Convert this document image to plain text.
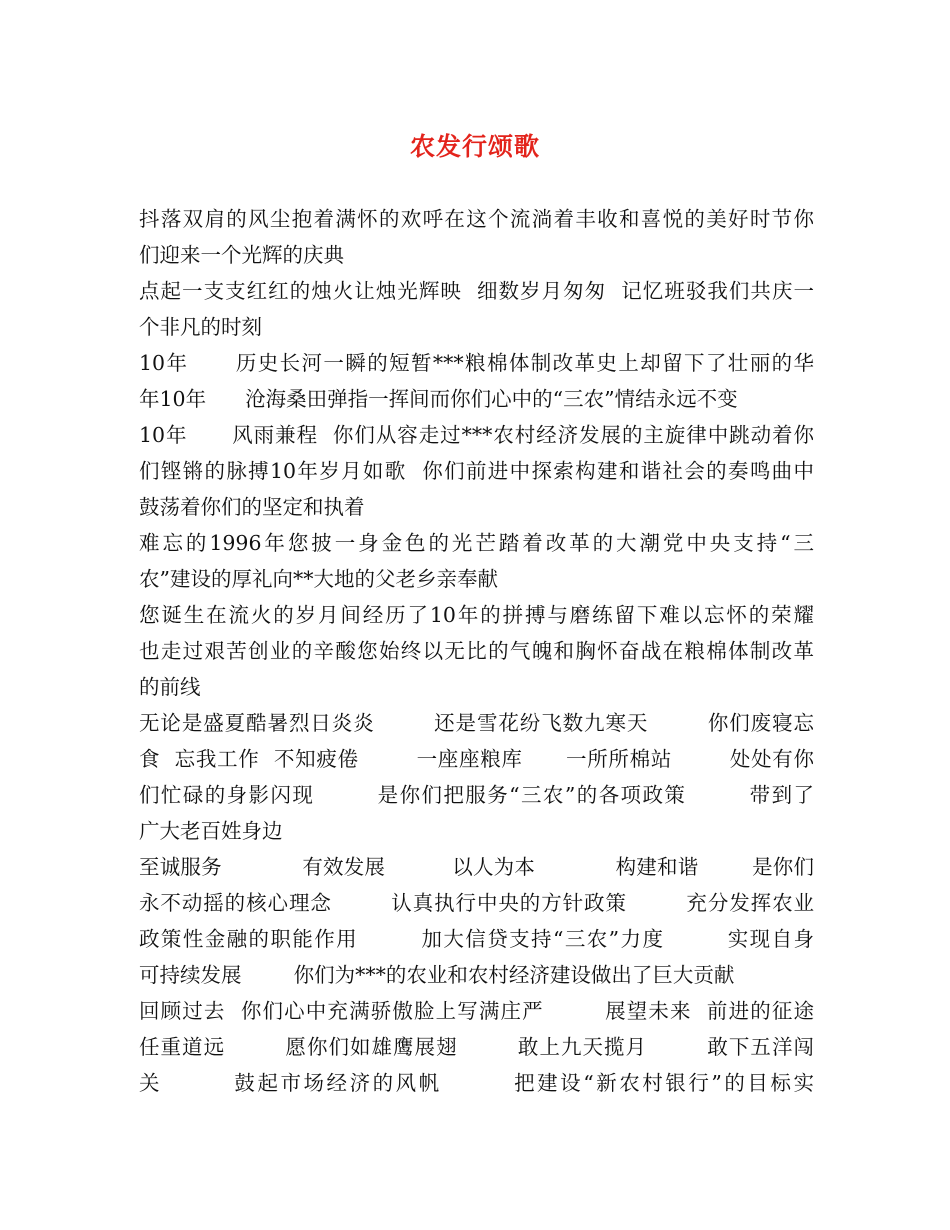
农发行颂歌
抖落双肩的风尘抱着满怀的欢呼在这个流淌着丰收和喜悦的美好时节你
们迎来一个光辉的庆典
点起一支支红红的烛火让烛光辉映  细数岁月匆匆  记忆班驳我们共庆一
个非凡的时刻
10年      历史长河一瞬的短暂***粮棉体制改革史上却留下了壮丽的华
年10年      沧海桑田弹指一挥间而你们心中的“三农”情结永远不变
10年      风雨兼程  你们从容走过***农村经济发展的主旋律中跳动着你
们铿锵的脉搏10年岁月如歌  你们前进中探索构建和谐社会的奏鸣曲中
鼓荡着你们的坚定和执着
难忘的1996年您披一身金色的光芒踏着改革的大潮党中央支持“三
农”建设的厚礼向**大地的父老乡亲奉献
您诞生在流火的岁月间经历了10年的拼搏与磨练留下难以忘怀的荣耀
也走过艰苦创业的辛酸您始终以无比的气魄和胸怀奋战在粮棉体制改革
的前线
无论是盛夏酷暑烈日炎炎        还是雪花纷飞数九寒天        你们废寝忘
食  忘我工作  不知疲倦        一座座粮库      一所所棉站        处处有你
们忙碌的身影闪现        是你们把服务“三农”的各项政策        带到了
广大老百姓身边
至诚服务            有效发展          以人为本            构建和谐        是你们
永不动摇的核心理念        认真执行中央的方针政策        充分发挥农业
政策性金融的职能作用        加大信贷支持“三农”力度        实现自身
可持续发展        你们为***的农业和农村经济建设做出了巨大贡献
回顾过去  你们心中充满骄傲脸上写满庄严        展望未来  前进的征途
任重道远        愿你们如雄鹰展翅        敢上九天揽月        敢下五洋闯
关        鼓起市场经济的风帆        把建设“新农村银行”的目标实
